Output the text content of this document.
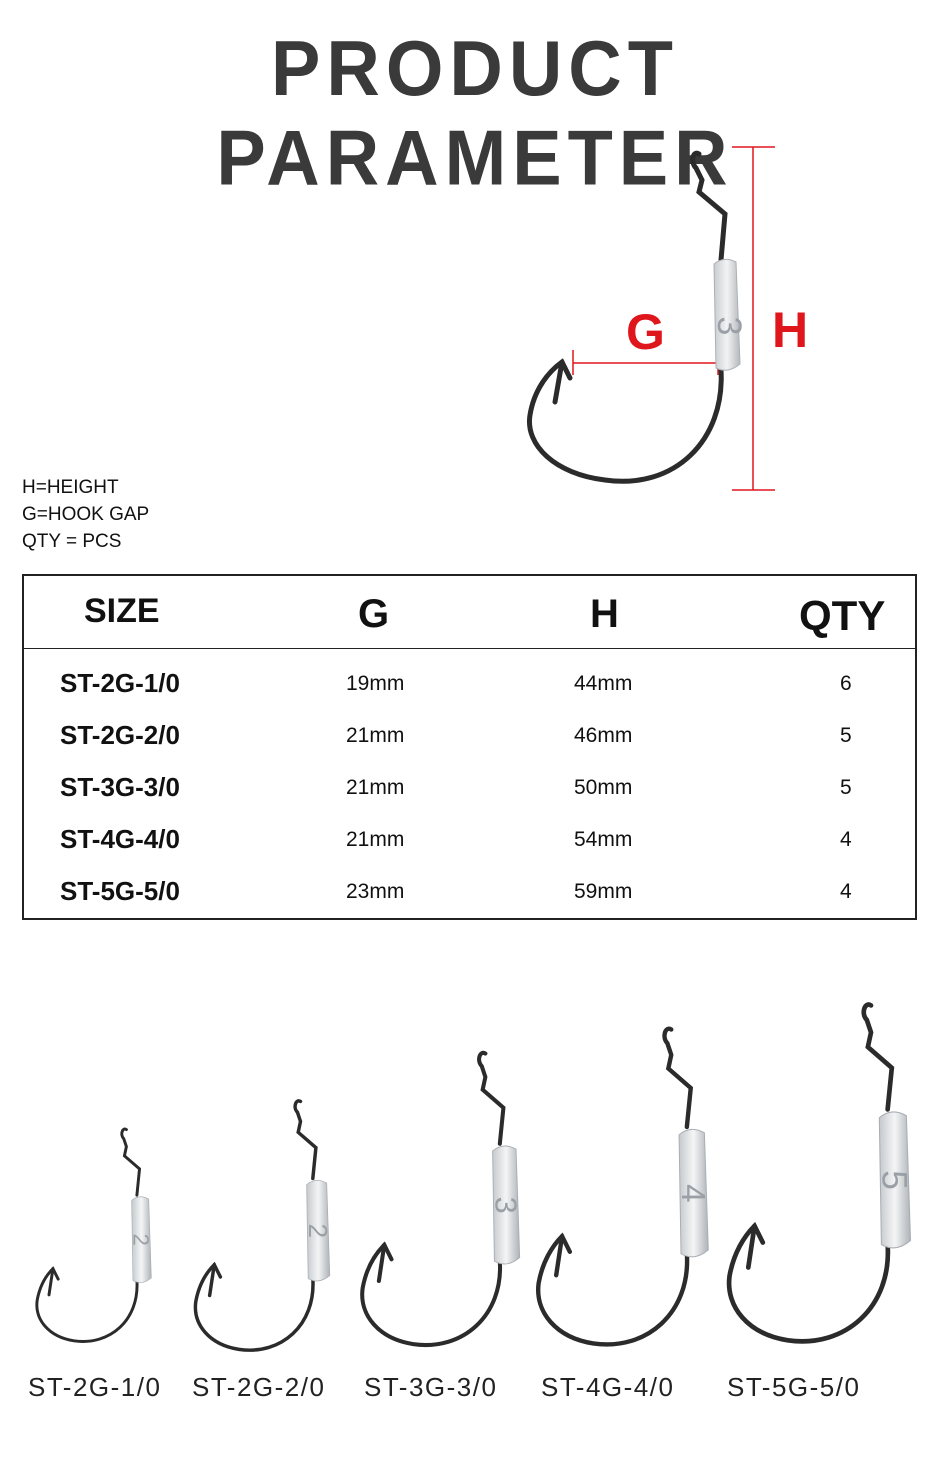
PRODUCT PARAMETER
3
G H
H=HEIGHT
G=HOOK GAP
QTY = PCS
SIZE	G	H	QTY
ST-2G-1/0	19mm	44mm	6
ST-2G-2/0	21mm	46mm	5
ST-3G-3/0	21mm	50mm	5
ST-4G-4/0	21mm	54mm	4
ST-5G-5/0	23mm	59mm	4
2
2
3
4
5
ST-2G-1/0 ST-2G-2/0 ST-3G-3/0 ST-4G-4/0 ST-5G-5/0
